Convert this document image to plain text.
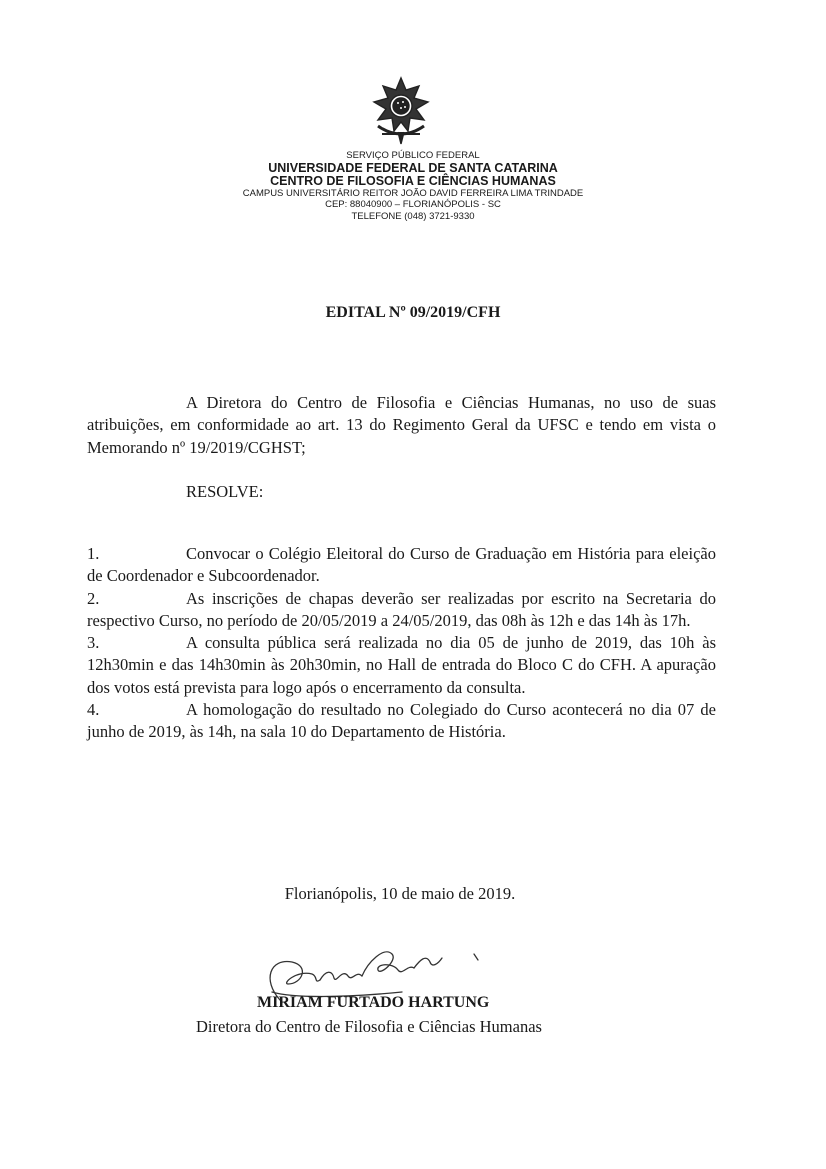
SERVIÇO PÚBLICO FEDERAL
UNIVERSIDADE FEDERAL DE SANTA CATARINA
CENTRO DE FILOSOFIA E CIÊNCIAS HUMANAS
CAMPUS UNIVERSITÁRIO REITOR JOÃO DAVID FERREIRA LIMA TRINDADE
CEP: 88040900 – FLORIANÓPOLIS - SC
TELEFONE (048) 3721-9330
EDITAL Nº 09/2019/CFH
A Diretora do Centro de Filosofia e Ciências Humanas, no uso de suas atribuições, em conformidade ao art. 13 do Regimento Geral da UFSC e tendo em vista o Memorando nº 19/2019/CGHST;
RESOLVE:
1.	Convocar o Colégio Eleitoral do Curso de Graduação em História para eleição de Coordenador e Subcoordenador.
2.	As inscrições de chapas deverão ser realizadas por escrito na Secretaria do respectivo Curso, no período de 20/05/2019 a 24/05/2019, das 08h às 12h e das 14h às 17h.
3.	A consulta pública será realizada no dia 05 de junho de 2019, das 10h às 12h30min e das 14h30min às 20h30min, no Hall de entrada do Bloco C do CFH. A apuração dos votos está prevista para logo após o encerramento da consulta.
4.	A homologação do resultado no Colegiado do Curso acontecerá no dia 07 de junho de 2019, às 14h, na sala 10 do Departamento de História.
Florianópolis, 10 de maio de 2019.
MIRIAM FURTADO HARTUNG
Diretora do Centro de Filosofia e Ciências Humanas
